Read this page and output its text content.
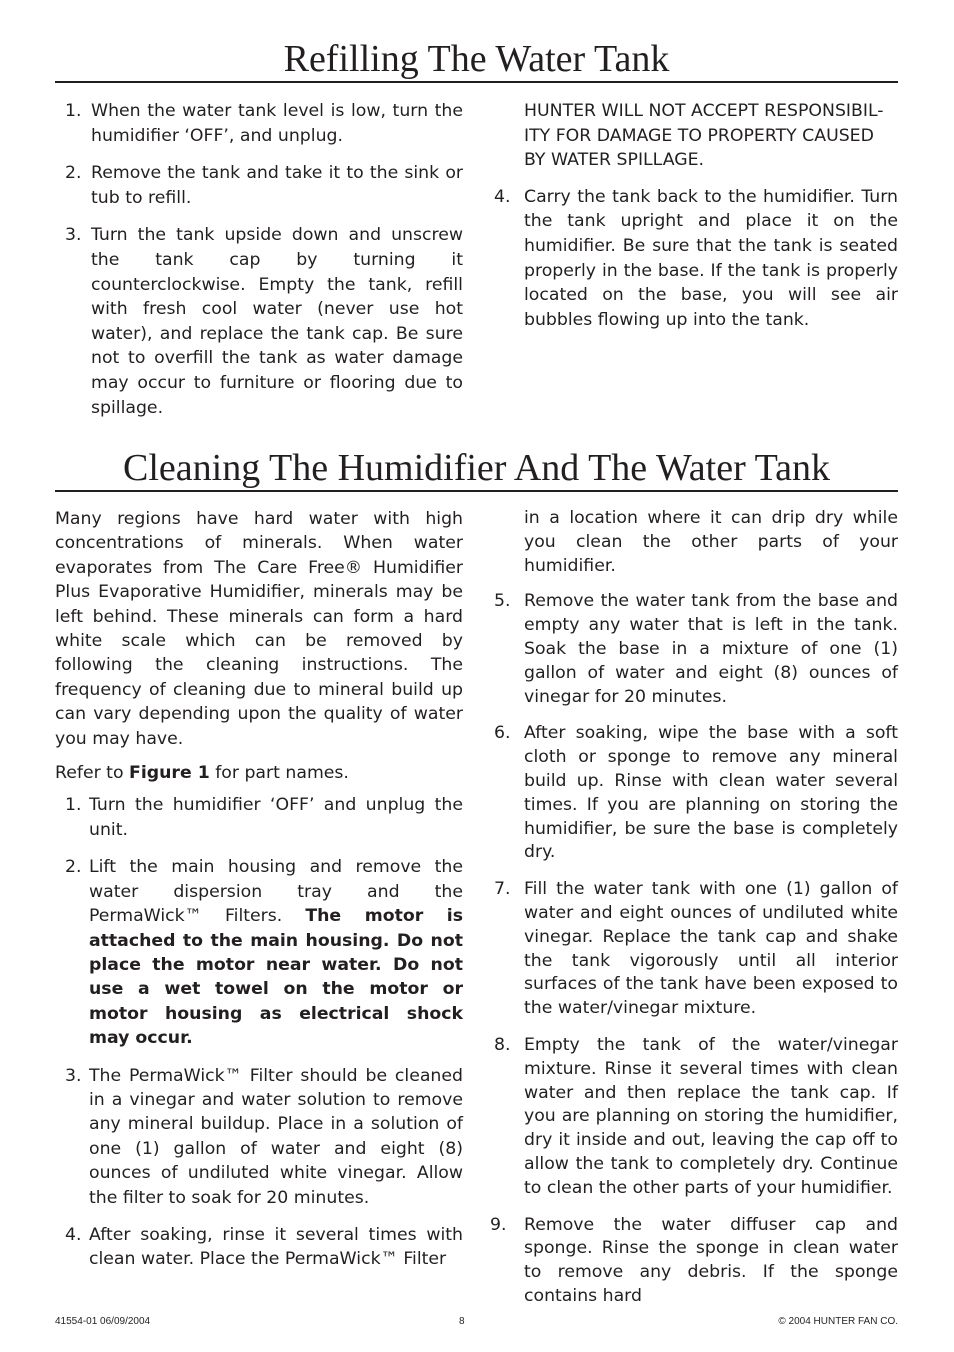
Refilling The Water Tank
1. When the water tank level is low, turn the humidifier ‘OFF’, and unplug.
2. Remove the tank and take it to the sink or tub to refill.
3. Turn the tank upside down and unscrew the tank cap by turning it counterclockwise. Empty the tank, refill with fresh cool water (never use hot water), and replace the tank cap. Be sure not to overfill the tank as water damage may occur to furniture or flooring due to spillage.

HUNTER WILL NOT ACCEPT RESPONSIBIL-ITY FOR DAMAGE TO PROPERTY CAUSED BY WATER SPILLAGE.

4. Carry the tank back to the humidifier. Turn the tank upright and place it on the humidifier. Be sure that the tank is seated properly in the base. If the tank is properly located on the base, you will see air bubbles flowing up into the tank.
Cleaning The Humidifier And The Water Tank

Many regions have hard water with high concentrations of minerals. When water evaporates from The Care Free® Humidifier Plus Evaporative Humidifier, minerals may be left behind. These minerals can form a hard white scale which can be removed by following the cleaning instructions. The frequency of cleaning due to mineral build up can vary depending upon the quality of water you may have.

Refer to Figure 1 for part names.

1. Turn the humidifier ‘OFF’ and unplug the unit.
2. Lift the main housing and remove the water dispersion tray and the PermaWick™ Filters. The motor is attached to the main housing. Do not place the motor near water. Do not use a wet towel on the motor or motor housing as electrical shock may occur.
3. The PermaWick™ Filter should be cleaned in a vinegar and water solution to remove any mineral buildup. Place in a solution of one (1) gallon of water and eight (8) ounces of undiluted white vinegar. Allow the filter to soak for 20 minutes.
4. After soaking, rinse it several times with clean water. Place the PermaWick™ Filter

in a location where it can drip dry while you clean the other parts of your humidifier.

5. Remove the water tank from the base and empty any water that is left in the tank. Soak the base in a mixture of one (1) gallon of water and eight (8) ounces of vinegar for 20 minutes.
6. After soaking, wipe the base with a soft cloth or sponge to remove any mineral build up. Rinse with clean water several times. If you are planning on storing the humidifier, be sure the base is completely dry.
7. Fill the water tank with one (1) gallon of water and eight ounces of undiluted white vinegar. Replace the tank cap and shake the tank vigorously until all interior surfaces of the tank have been exposed to the water/vinegar mixture.
8. Empty the tank of the water/vinegar mixture. Rinse it several times with clean water and then replace the tank cap. If you are planning on storing the humidifier, dry it inside and out, leaving the cap off to allow the tank to completely dry. Continue to clean the other parts of your humidifier.
9. Remove the water diffuser cap and sponge. Rinse the sponge in clean water to remove any debris. If the sponge contains hard
41554-01 06/09/2004	8	© 2004 HUNTER FAN CO.
